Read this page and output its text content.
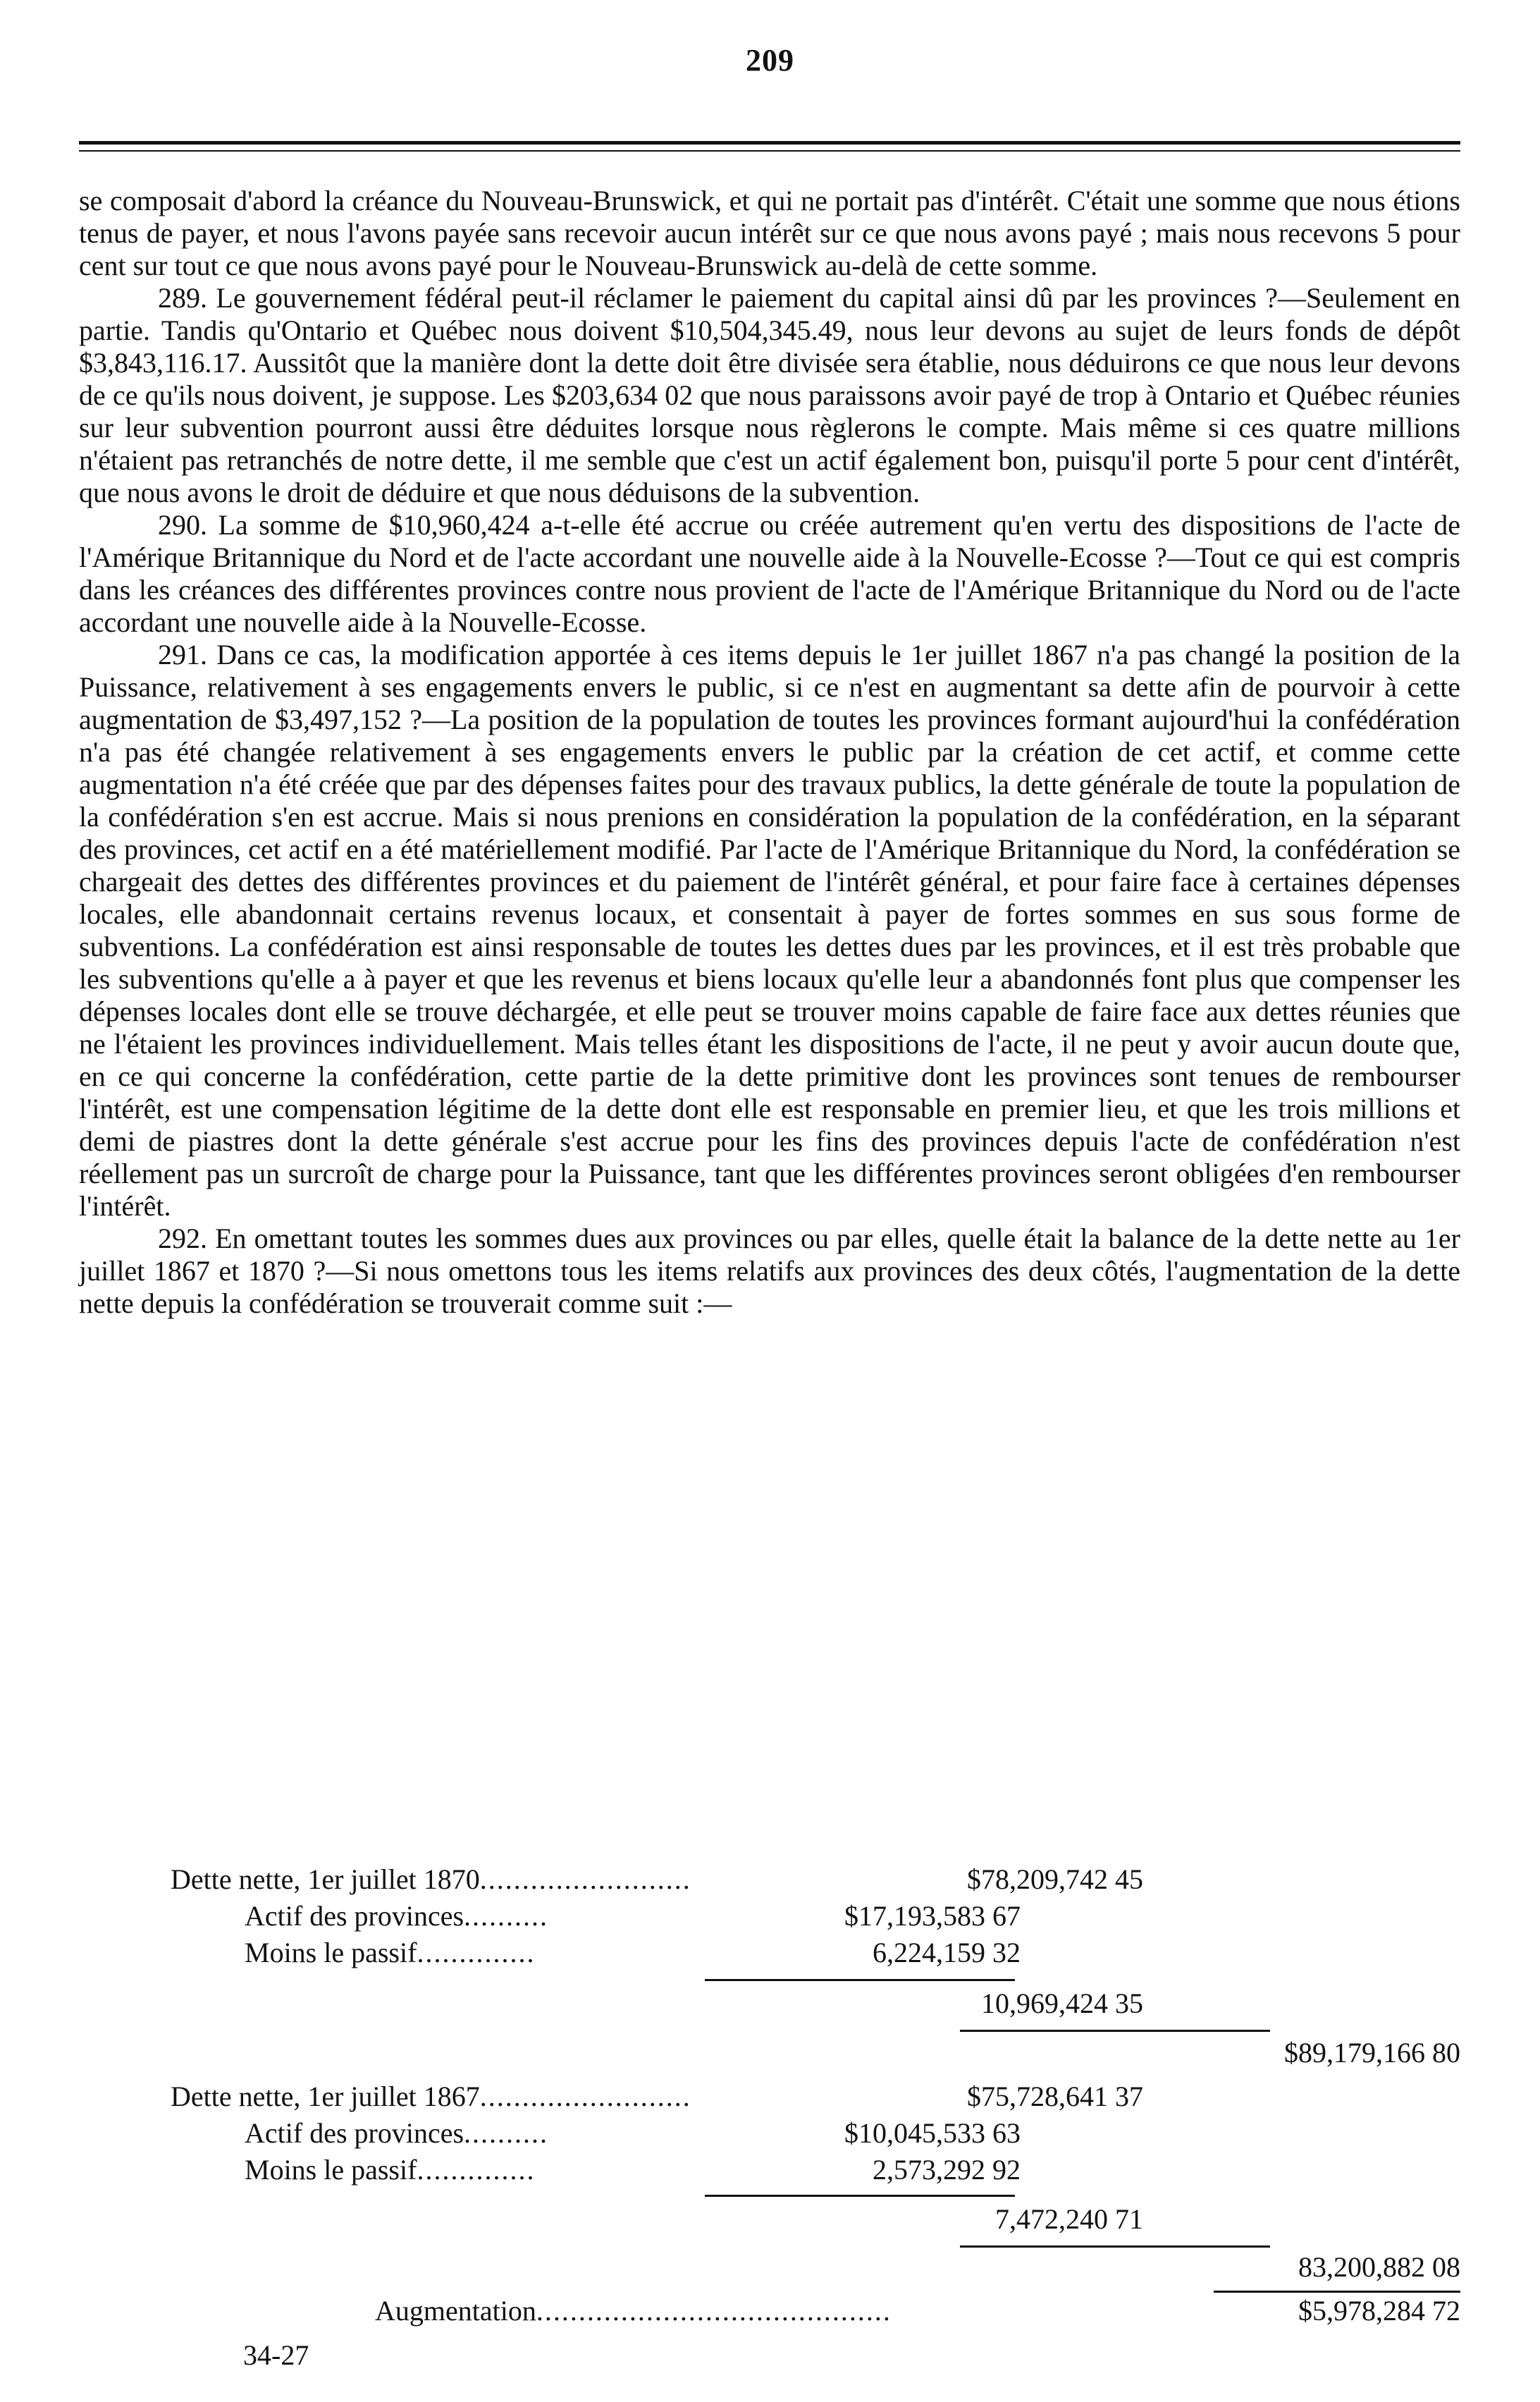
209

se composait d'abord la créance du Nouveau-Brunswick, et qui ne portait pas d'intérêt. C'était une somme que nous étions tenus de payer, et nous l'avons payée sans recevoir aucun intérêt sur ce que nous avons payé ; mais nous recevons 5 pour cent sur tout ce que nous avons payé pour le Nouveau-Brunswick au-delà de cette somme.

289. Le gouvernement fédéral peut-il réclamer le paiement du capital ainsi dû par les provinces ?—Seulement en partie. Tandis qu'Ontario et Québec nous doivent $10,504,345.49, nous leur devons au sujet de leurs fonds de dépôt $3,843,116.17. Aussitôt que la manière dont la dette doit être divisée sera établie, nous déduirons ce que nous leur devons de ce qu'ils nous doivent, je suppose. Les $203,634 02 que nous paraissons avoir payé de trop à Ontario et Québec réunies sur leur subvention pourront aussi être déduites lorsque nous règlerons le compte. Mais même si ces quatre millions n'étaient pas retranchés de notre dette, il me semble que c'est un actif également bon, puisqu'il porte 5 pour cent d'intérêt, que nous avons le droit de déduire et que nous déduisons de la subvention.

290. La somme de $10,960,424 a-t-elle été accrue ou créée autrement qu'en vertu des dispositions de l'acte de l'Amérique Britannique du Nord et de l'acte accordant une nouvelle aide à la Nouvelle-Ecosse ?—Tout ce qui est compris dans les créances des différentes provinces contre nous provient de l'acte de l'Amérique Britannique du Nord ou de l'acte accordant une nouvelle aide à la Nouvelle-Ecosse.

291. Dans ce cas, la modification apportée à ces items depuis le 1er juillet 1867 n'a pas changé la position de la Puissance, relativement à ses engagements envers le public, si ce n'est en augmentant sa dette afin de pourvoir à cette augmentation de $3,497,152 ?—La position de la population de toutes les provinces formant aujourd'hui la confédération n'a pas été changée relativement à ses engagements envers le public par la création de cet actif, et comme cette augmentation n'a été créée que par des dépenses faites pour des travaux publics, la dette générale de toute la population de la confédération s'en est accrue. Mais si nous prenions en considération la population de la confédération, en la séparant des provinces, cet actif en a été matériellement modifié. Par l'acte de l'Amérique Britannique du Nord, la confédération se chargeait des dettes des différentes provinces et du paiement de l'intérêt général, et pour faire face à certaines dépenses locales, elle abandonnait certains revenus locaux, et consentait à payer de fortes sommes en sus sous forme de subventions. La confédération est ainsi responsable de toutes les dettes dues par les provinces, et il est très probable que les subventions qu'elle a à payer et que les revenus et biens locaux qu'elle leur a abandonnés font plus que compenser les dépenses locales dont elle se trouve déchargée, et elle peut se trouver moins capable de faire face aux dettes réunies que ne l'étaient les provinces individuellement. Mais telles étant les dispositions de l'acte, il ne peut y avoir aucun doute que, en ce qui concerne la confédération, cette partie de la dette primitive dont les provinces sont tenues de rembourser l'intérêt, est une compensation légitime de la dette dont elle est responsable en premier lieu, et que les trois millions et demi de piastres dont la dette générale s'est accrue pour les fins des provinces depuis l'acte de confédération n'est réellement pas un surcroît de charge pour la Puissance, tant que les différentes provinces seront obligées d'en rembourser l'intérêt.

292. En omettant toutes les sommes dues aux provinces ou par elles, quelle était la balance de la dette nette au 1er juillet 1867 et 1870 ?—Si nous omettons tous les items relatifs aux provinces des deux côtés, l'augmentation de la dette nette depuis la confédération se trouverait comme suit :—

Dette nette, 1er juillet 1870.........................	$78,209,742 45
Actif des provinces..........	$17,193,583 67
Moins le passif..............	6,224,159 32
10,969,424 35
$89,179,166 80
Dette nette, 1er juillet 1867.........................	$75,728,641 37
Actif des provinces..........	$10,045,533 63
Moins le passif..............	2,573,292 92
7,472,240 71
83,200,882 08
Augmentation..........................................	$5,978,284 72
34-27
